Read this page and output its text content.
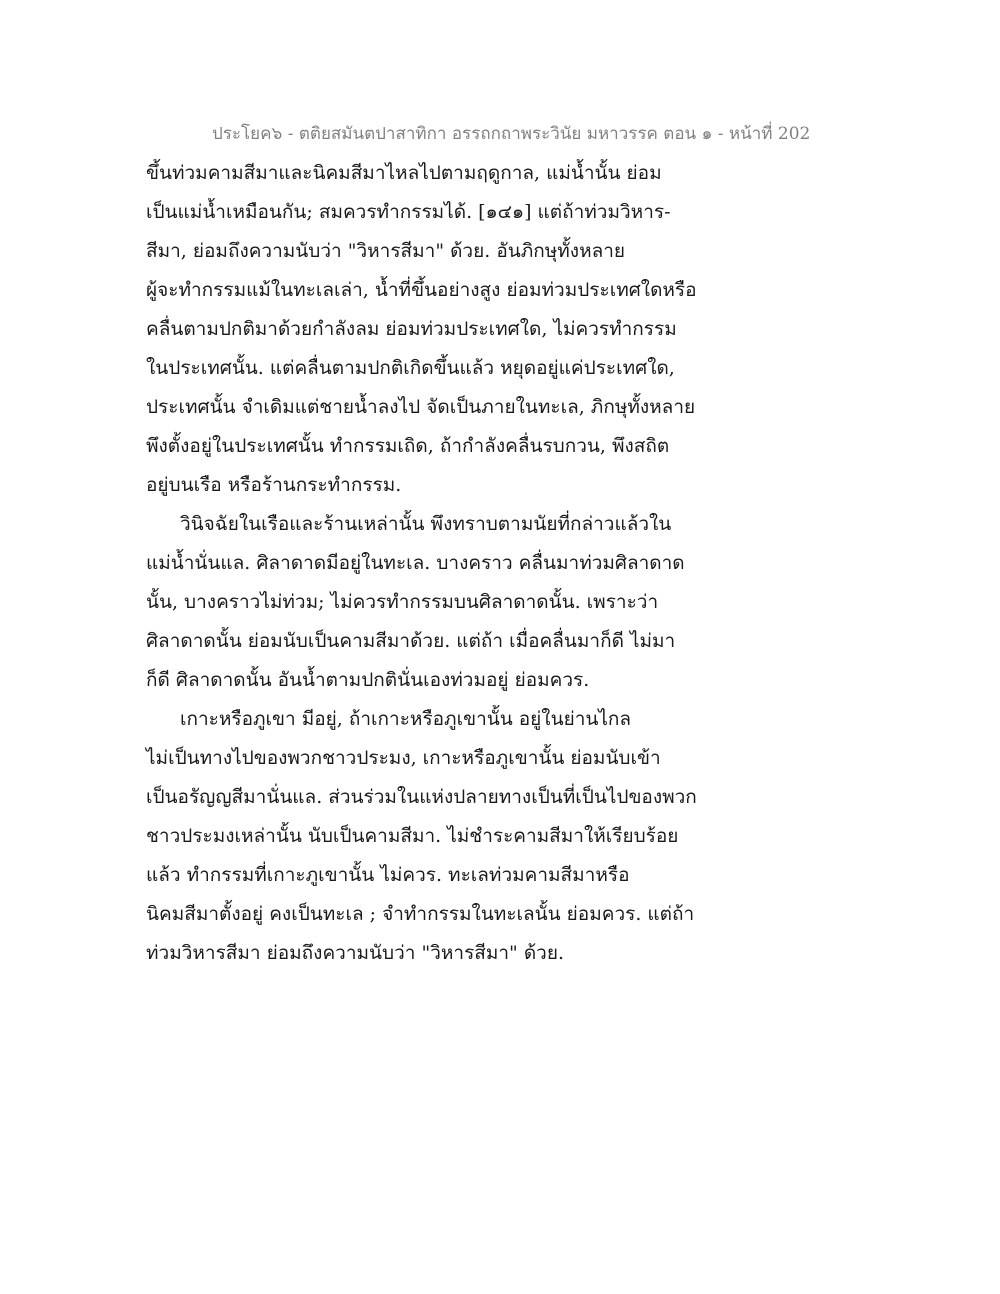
ประโยค๖ - ตติยสมันตปาสาทิกา อรรถกถาพระวินัย มหาวรรค ตอน ๑ - หน้าที่ 202
ขึ้นท่วมคามสีมาและนิคมสีมาไหลไปตามฤดูกาล, แม่น้ำนั้น ย่อม
เป็นแม่น้ำเหมือนกัน; สมควรทำกรรมได้. [๑๔๑] แต่ถ้าท่วมวิหาร-
สีมา, ย่อมถึงความนับว่า "วิหารสีมา" ด้วย. อันภิกษุทั้งหลาย
ผู้จะทำกรรมแม้ในทะเลเล่า, น้ำที่ขึ้นอย่างสูง ย่อมท่วมประเทศใดหรือ
คลื่นตามปกติมาด้วยกำลังลม ย่อมท่วมประเทศใด, ไม่ควรทำกรรม
ในประเทศนั้น. แต่คลื่นตามปกติเกิดขึ้นแล้ว หยุดอยู่แค่ประเทศใด,
ประเทศนั้น จำเดิมแต่ชายน้ำลงไป จัดเป็นภายในทะเล, ภิกษุทั้งหลาย
พึงตั้งอยู่ในประเทศนั้น ทำกรรมเถิด, ถ้ากำลังคลื่นรบกวน, พึงสถิต
อยู่บนเรือ หรือร้านกระทำกรรม.
วินิจฉัยในเรือและร้านเหล่านั้น พึงทราบตามนัยที่กล่าวแล้วใน
แม่น้ำนั่นแล. ศิลาดาดมีอยู่ในทะเล. บางคราว คลื่นมาท่วมศิลาดาด
นั้น, บางคราวไม่ท่วม; ไม่ควรทำกรรมบนศิลาดาดนั้น. เพราะว่า
ศิลาดาดนั้น ย่อมนับเป็นคามสีมาด้วย. แต่ถ้า เมื่อคลื่นมาก็ดี ไม่มา
ก็ดี ศิลาดาดนั้น อันน้ำตามปกตินั่นเองท่วมอยู่ ย่อมควร.
เกาะหรือภูเขา มีอยู่, ถ้าเกาะหรือภูเขานั้น อยู่ในย่านไกล
ไม่เป็นทางไปของพวกชาวประมง, เกาะหรือภูเขานั้น ย่อมนับเข้า
เป็นอรัญญสีมานั่นแล. ส่วนร่วมในแห่งปลายทางเป็นที่เป็นไปของพวก
ชาวประมงเหล่านั้น นับเป็นคามสีมา. ไม่ชำระคามสีมาให้เรียบร้อย
แล้ว ทำกรรมที่เกาะภูเขานั้น ไม่ควร. ทะเลท่วมคามสีมาหรือ
นิคมสีมาตั้งอยู่ คงเป็นทะเล ; จำทำกรรมในทะเลนั้น ย่อมควร. แต่ถ้า
ท่วมวิหารสีมา ย่อมถึงความนับว่า "วิหารสีมา" ด้วย.
